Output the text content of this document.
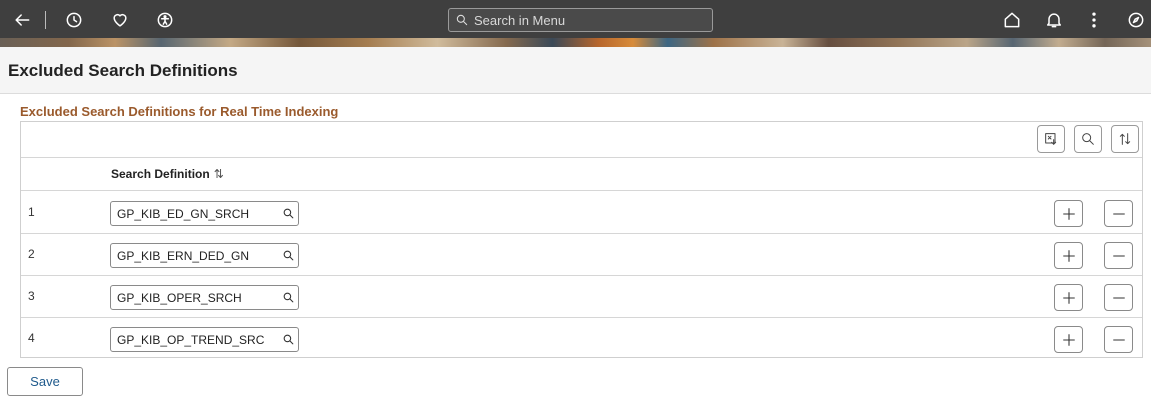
Search in Menu
Excluded Search Definitions
Excluded Search Definitions for Real Time Indexing
Search Definition ⇅
1	GP_KIB_ED_GN_SRCH
2	GP_KIB_ERN_DED_GN
3	GP_KIB_OPER_SRCH
4	GP_KIB_OP_TREND_SRC
Save
